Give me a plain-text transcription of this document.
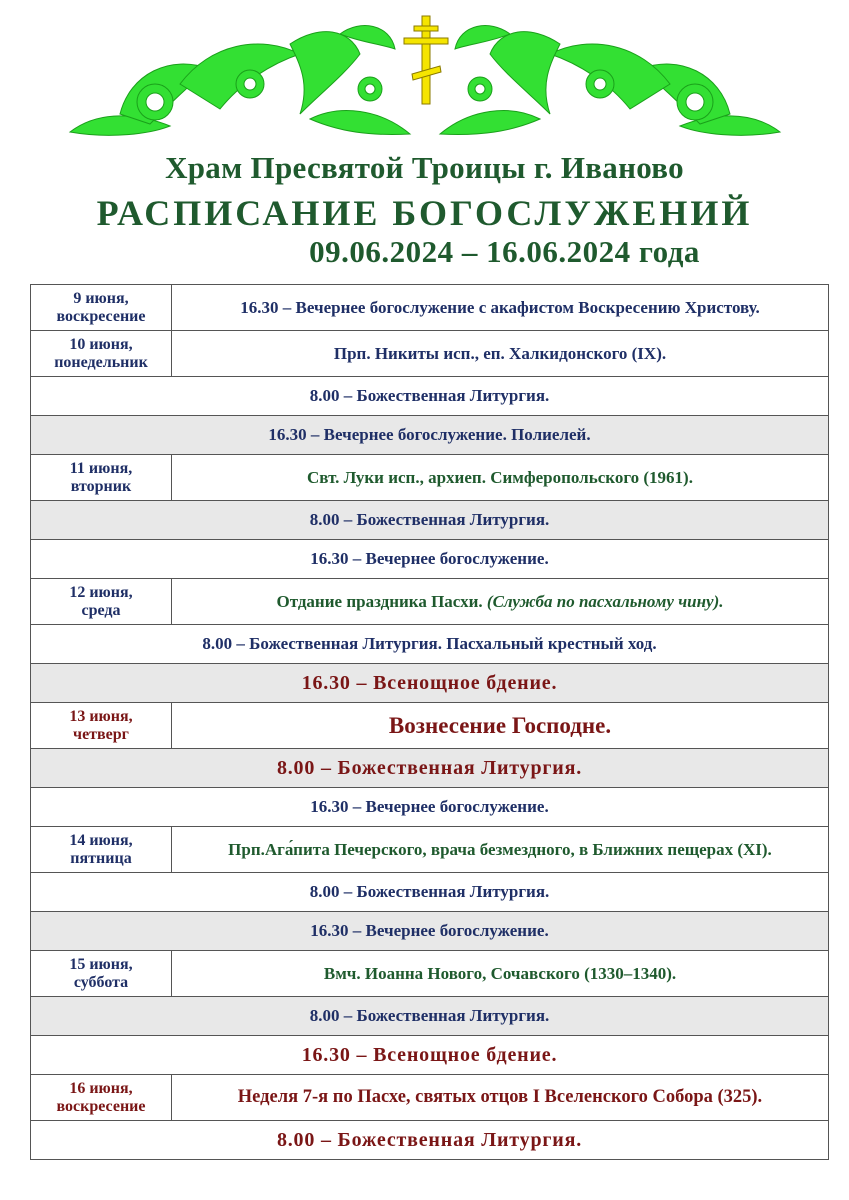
Храм Пресвятой Троицы г. Иваново
РАСПИСАНИЕ БОГОСЛУЖЕНИЙ
09.06.2024 – 16.06.2024 года
9 июня,
воскресение	16.30 – Вечернее богослужение с акафистом Воскресению Христову.

10 июня,
понедельник	Прп. Никиты исп., еп. Халкидонского (IX).
8.00 – Божественная Литургия.	
16.30 – Вечернее богослужение. Полиелей.	

11 июня,
вторник	Свт. Луки исп., архиеп. Симферопольского (1961).
8.00 – Божественная Литургия.	
16.30 – Вечернее богослужение.	

12 июня,
среда	Отдание праздника Пасхи. (Служба по пасхальному чину).
8.00 – Божественная Литургия. Пасхальный крестный ход.	
16.30 – Всенощное бдение.	

13 июня,
четверг	Вознесение Господне.
8.00 – Божественная Литургия.	
16.30 – Вечернее богослужение.	

14 июня,
пятница	Прп.Ага́пита Печерского, врача безмездного, в Ближних пещерах (XI).
8.00 – Божественная Литургия.	
16.30 – Вечернее богослужение.	

15 июня,
суббота	Вмч. Иоанна Нового, Сочавского (1330–1340).
8.00 – Божественная Литургия.	
16.30 – Всенощное бдение.	

16 июня,
воскресение	Неделя 7-я по Пасхе, святых отцов I Вселенского Собора (325).
8.00 – Божественная Литургия.	
